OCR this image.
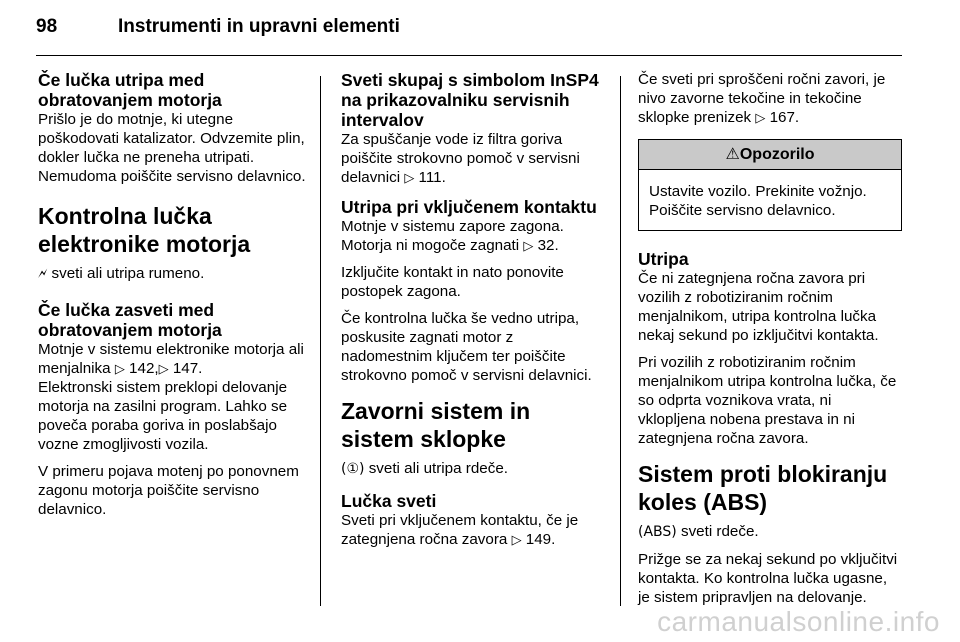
98	Instrumenti in upravni elementi
Če lučka utripa med obratovanjem motorja

Prišlo je do motnje, ki utegne poškodovati katalizator. Odvzemite plin, dokler lučka ne preneha utripati. Nemudoma poiščite servisno delavnico.

Kontrolna lučka elektronike motorja

🗲 sveti ali utripa rumeno.

Če lučka zasveti med obratovanjem motorja

Motnje v sistemu elektronike motorja ali menjalnika ▷ 142,▷ 147.
Elektronski sistem preklopi delovanje motorja na zasilni program. Lahko se poveča poraba goriva in poslabšajo vozne zmogljivosti vozila.

V primeru pojava motenj po ponovnem zagonu motorja poiščite servisno delavnico.

Sveti skupaj s simbolom InSP4 na prikazovalniku servisnih intervalov

Za spuščanje vode iz filtra goriva poiščite strokovno pomoč v servisni delavnici ▷ 111.

Utripa pri vključenem kontaktu

Motnje v sistemu zapore zagona. Motorja ni mogoče zagnati ▷ 32.

Izključite kontakt in nato ponovite postopek zagona.

Če kontrolna lučka še vedno utripa, poskusite zagnati motor z nadomestnim ključem ter poiščite strokovno pomoč v servisni delavnici.

Zavorni sistem in sistem sklopke

(①) sveti ali utripa rdeče.

Lučka sveti

Sveti pri vključenem kontaktu, če je zategnjena ročna zavora ▷ 149.

Če sveti pri sproščeni ročni zavori, je nivo zavorne tekočine in tekočine sklopke prenizek ▷ 167.

⚠Opozorilo
Ustavite vozilo. Prekinite vožnjo. Poiščite servisno delavnico.
Utripa

Če ni zategnjena ročna zavora pri vozilih z robotiziranim ročnim menjalnikom, utripa kontrolna lučka nekaj sekund po izključitvi kontakta.

Pri vozilih z robotiziranim ročnim menjalnikom utripa kontrolna lučka, če so odprta voznikova vrata, ni vklopljena nobena prestava in ni zategnjena ročna zavora.

Sistem proti blokiranju koles (ABS)

(ABS) sveti rdeče.

Prižge se za nekaj sekund po vključitvi kontakta. Ko kontrolna lučka ugasne, je sistem pripravljen na delovanje.

carmanualsonline.info
